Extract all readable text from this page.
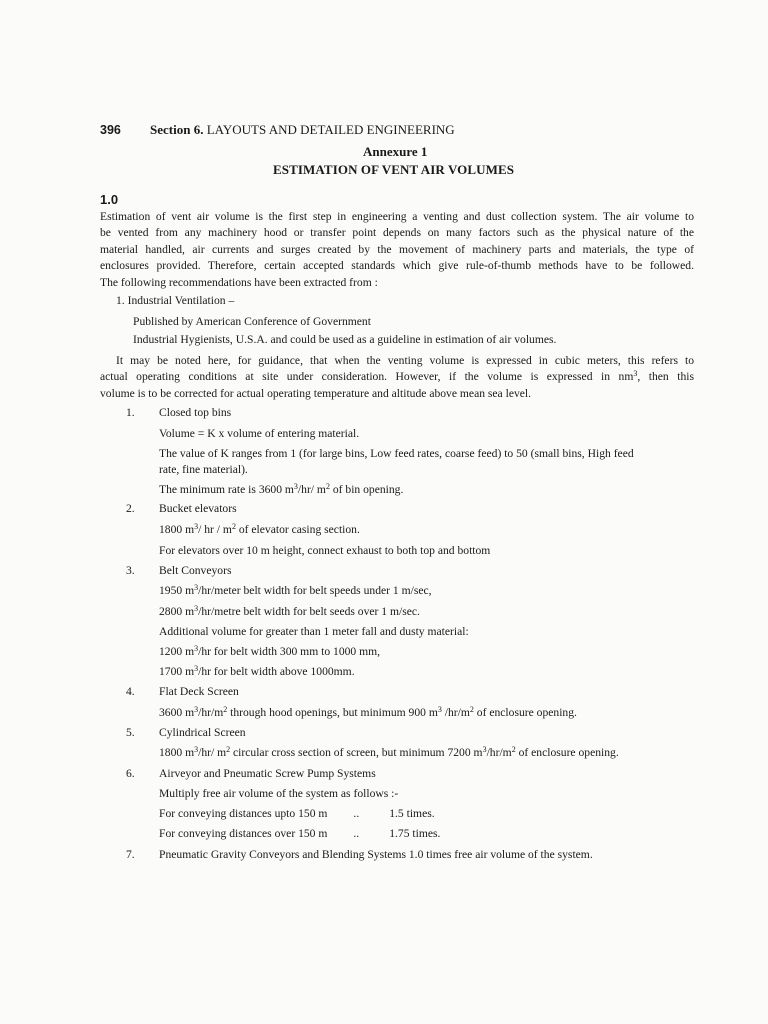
396 Section 6. LAYOUTS AND DETAILED ENGINEERING
Annexure 1
ESTIMATION OF VENT AIR VOLUMES
1.0
Estimation of vent air volume is the first step in engineering a venting and dust collection system. The air volume to
be vented from any machinery hood or transfer point depends on many factors such as the physical nature of the
material handled, air currents and surges created by the movement of machinery parts and materials, the type of
enclosures provided. Therefore, certain accepted standards which give rule-of-thumb methods have to be followed.
The following recommendations have been extracted from :
1. Industrial Ventilation –
Published by American Conference of Government
Industrial Hygienists, U.S.A. and could be used as a guideline in estimation of air volumes.
It may be noted here, for guidance, that when the venting volume is expressed in cubic meters, this refers to
actual operating conditions at site under consideration. However, if the volume is expressed in $nm^3$, then this
volume is to be corrected for actual operating temperature and altitude above mean sea level.
1. Closed top bins
Volume = K x volume of entering material.
The value of K ranges from 1 (for large bins, Low feed rates, coarse feed) to 50 (small bins, High feed
rate, fine material).
The minimum rate is 3600 $m^3/hr/$ $m^2$ of bin opening.
2. Bucket elevators
1800 $m^3/$ hr / $m^2$ of elevator casing section.
For elevators over 10 m height, connect exhaust to both top and bottom
3. Belt Conveyors
1950 $m^3/hr$/meter belt width for belt speeds under 1 m/sec,
2800 $m^3/hr$/metre belt width for belt seeds over 1 m/sec.
Additional volume for greater than 1 meter fall and dusty material:
1200 $m^3/hr$ for belt width 300 mm to 1000 mm,
1700 $m^3/hr$ for belt width above 1000mm.
4. Flat Deck Screen
3600 $m^3/hr/m^2$ through hood openings, but minimum 900 $m^3$ $/hr/m^2$ of enclosure opening.
5. Cylindrical Screen
1800 $m^3/hr/$ $m^2$ circular cross section of screen, but minimum 7200 $m^3/hr/m^2$ of enclosure opening.
6. Airveyor and Pneumatic Screw Pump Systems
Multiply free air volume of the system as follows :-
For conveying distances upto 150 m ..	1.5 times.
For conveying distances over 150 m ..	1.75 times.
7. Pneumatic Gravity Conveyors and Blending Systems 1.0 times free air volume of the system.
